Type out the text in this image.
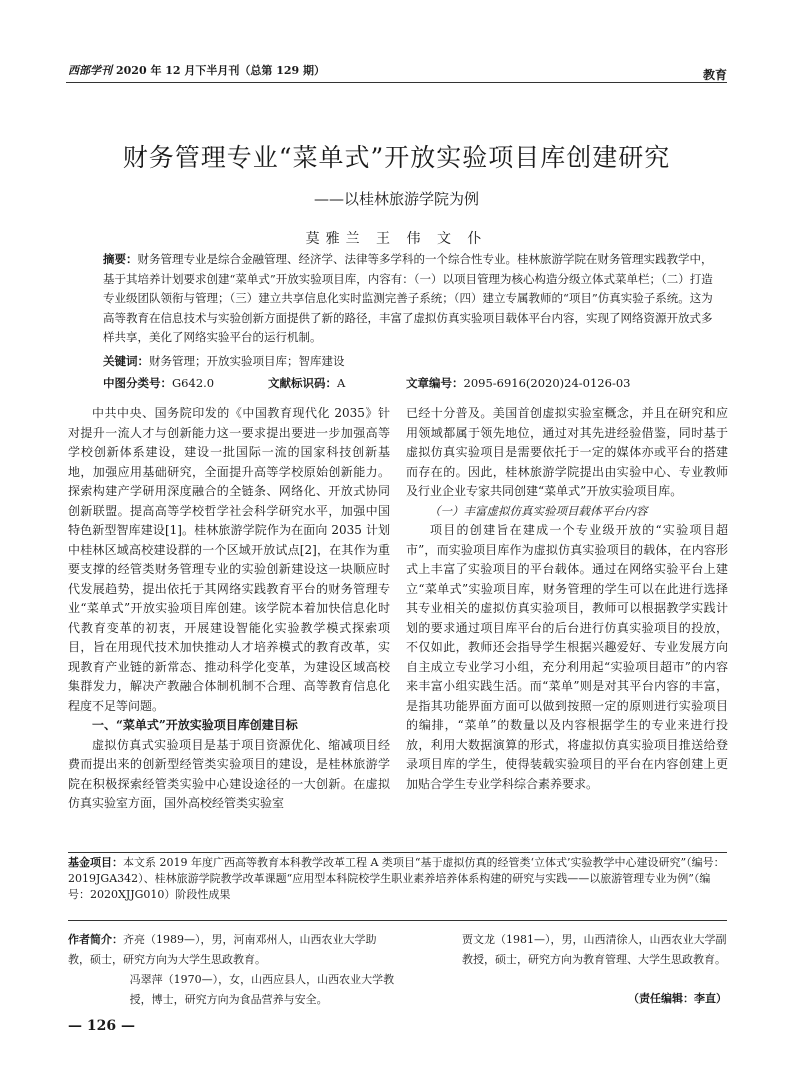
西部学刊 2020 年 12 月下半月刊（总第 129 期）	教育
财务管理专业“菜单式”开放实验项目库创建研究
——以桂林旅游学院为例
莫雅兰 王 伟 文 仆
摘要：财务管理专业是综合金融管理、经济学、法律等多学科的一个综合性专业。桂林旅游学院在财务管理实践教学中，基于其培养计划要求创建“菜单式”开放实验项目库，内容有：（一）以项目管理为核心构造分级立体式菜单栏；（二）打造专业级团队领衔与管理；（三）建立共享信息化实时监测完善子系统；（四）建立专属教师的“项目”仿真实验子系统。这为高等教育在信息技术与实验创新方面提供了新的路径，丰富了虚拟仿真实验项目载体平台内容，实现了网络资源开放式多样共享，美化了网络实验平台的运行机制。
关键词：财务管理；开放实验项目库；智库建设
中图分类号：G642.0	文献标识码：A	文章编号：2095-6916(2020)24-0126-03

中共中央、国务院印发的《中国教育现代化 2035》针对提升一流人才与创新能力这一要求提出要进一步加强高等学校创新体系建设，建设一批国际一流的国家科技创新基地，加强应用基础研究，全面提升高等学校原始创新能力。探索构建产学研用深度融合的全链条、网络化、开放式协同创新联盟。提高高等学校哲学社会科学研究水平，加强中国特色新型智库建设[1]。桂林旅游学院作为在面向 2035 计划中桂林区域高校建设群的一个区域开放试点[2]，在其作为重要支撑的经管类财务管理专业的实验创新建设这一块顺应时代发展趋势，提出依托于其网络实践教育平台的财务管理专业“菜单式”开放实验项目库创建。该学院本着加快信息化时代教育变革的初衷，开展建设智能化实验教学模式探索项目，旨在用现代技术加快推动人才培养模式的教育改革，实现教育产业链的新常态、推动科学化变革，为建设区域高校集群发力，解决产教融合体制机制不合理、高等教育信息化程度不足等问题。

一、“菜单式”开放实验项目库创建目标

虚拟仿真式实验项目是基于项目资源优化、缩减项目经费而提出来的创新型经管类实验项目的建设，是桂林旅游学院在积极探索经管类实验中心建设途径的一大创新。在虚拟仿真实验室方面，国外高校经管类实验室

已经十分普及。美国首创虚拟实验室概念，并且在研究和应用领域都属于领先地位，通过对其先进经验借鉴，同时基于虚拟仿真实验项目是需要依托于一定的媒体亦或平台的搭建而存在的。因此，桂林旅游学院提出由实验中心、专业教师及行业企业专家共同创建“菜单式”开放实验项目库。

（一）丰富虚拟仿真实验项目载体平台内容

项目的创建旨在建成一个专业级开放的“实验项目超市”，而实验项目库作为虚拟仿真实验项目的载体，在内容形式上丰富了实验项目的平台载体。通过在网络实验平台上建立“菜单式”实验项目库，财务管理的学生可以在此进行选择其专业相关的虚拟仿真实验项目，教师可以根据教学实践计划的要求通过项目库平台的后台进行仿真实验项目的投放，不仅如此，教师还会指导学生根据兴趣爱好、专业发展方向自主成立专业学习小组，充分利用起“实验项目超市”的内容来丰富小组实践生活。而“菜单”则是对其平台内容的丰富，是指其功能界面方面可以做到按照一定的原则进行实验项目的编排，“菜单”的数量以及内容根据学生的专业来进行投放，利用大数据演算的形式，将虚拟仿真实验项目推送给登录项目库的学生，使得装载实验项目的平台在内容创建上更加贴合学生专业学科综合素养要求。

基金项目：本文系 2019 年度广西高等教育本科教学改革工程 A 类项目“基于虚拟仿真的经管类‘立体式’实验教学中心建设研究”（编号：2019JGA342）、桂林旅游学院教学改革课题“应用型本科院校学生职业素养培养体系构建的研究与实践——以旅游管理专业为例”（编号：2020XJJG010）阶段性成果
作者简介：齐亮（1989—），男，河南邓州人，山西农业大学助教，硕士，研究方向为大学生思政教育。
冯翠萍（1970—），女，山西应县人，山西农业大学教授，博士，研究方向为食品营养与安全。
贾文龙（1981—），男，山西清徐人，山西农业大学副教授，硕士，研究方向为教育管理、大学生思政教育。
（责任编辑：李直）
— 126 —
